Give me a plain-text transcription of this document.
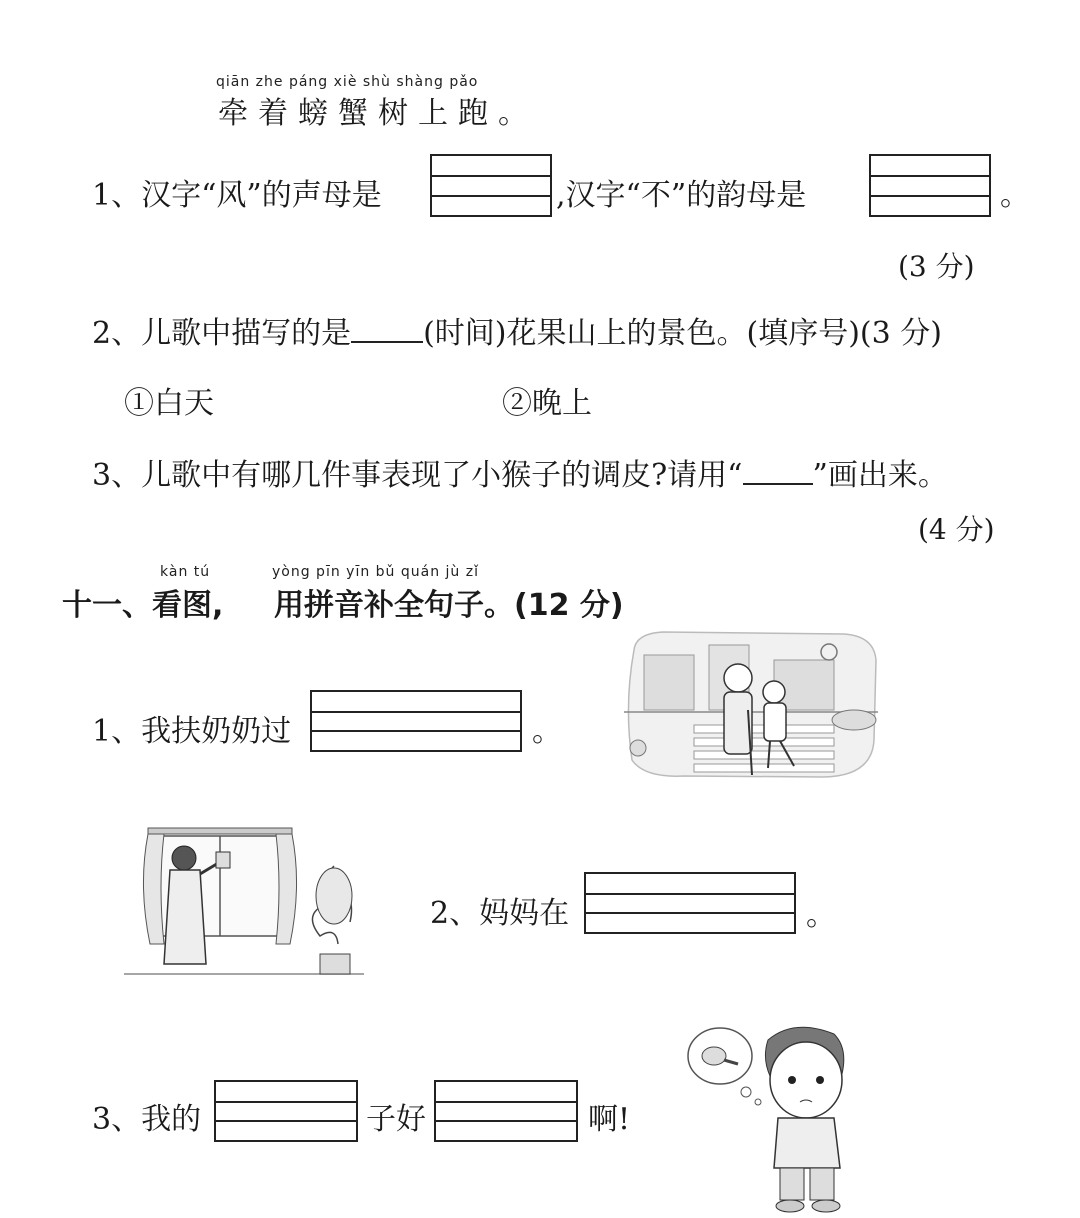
qiān zhe páng xiè shù shàng pǎo
牵着螃蟹树上跑。
1、汉字“风”的声母是	,汉字“不”的韵母是	。
(3 分)
2、儿歌中描写的是 (时间)花果山上的景色。(填序号)(3 分)
①白天	②晚上
3、儿歌中有哪几件事表现了小猴子的调皮?请用“ ”画出来。
(4 分)
kàn tú	yòng pīn yīn bǔ quán jù zǐ
十一、看图, 用拼音补全句子。(12 分)
1、我扶奶奶过	。
2、妈妈在	。
3、我的	子好	啊!
